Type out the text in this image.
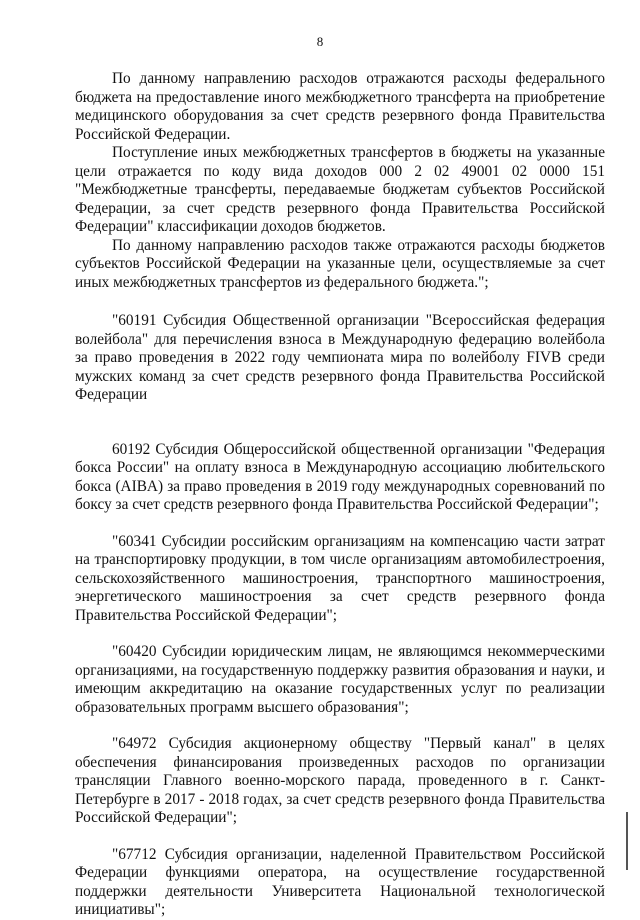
8

По данному направлению расходов отражаются расходы федерального бюджета на предоставление иного межбюджетного трансферта на приобретение медицинского оборудования за счет средств резервного фонда Правительства Российской Федерации.

Поступление иных межбюджетных трансфертов в бюджеты на указанные цели отражается по коду вида доходов 000 2 02 49001 02 0000 151 "Межбюджетные трансферты, передаваемые бюджетам субъектов Российской Федерации, за счет средств резервного фонда Правительства Российской Федерации" классификации доходов бюджетов.

По данному направлению расходов также отражаются расходы бюджетов субъектов Российской Федерации на указанные цели, осуществляемые за счет иных межбюджетных трансфертов из федерального бюджета.";

"60191 Субсидия Общественной организации "Всероссийская федерация волейбола" для перечисления взноса в Международную федерацию волейбола за право проведения в 2022 году чемпионата мира по волейболу FIVB среди мужских команд за счет средств резервного фонда Правительства Российской Федерации

60192 Субсидия Общероссийской общественной организации "Федерация бокса России" на оплату взноса в Международную ассоциацию любительского бокса (AIBA) за право проведения в 2019 году международных соревнований по боксу за счет средств резервного фонда Правительства Российской Федерации";

"60341 Субсидии российским организациям на компенсацию части затрат на транспортировку продукции, в том числе организациям автомобилестроения, сельскохозяйственного машиностроения, транспортного машиностроения, энергетического машиностроения за счет средств резервного фонда Правительства Российской Федерации";

"60420 Субсидии юридическим лицам, не являющимся некоммерческими организациями, на государственную поддержку развития образования и науки, и имеющим аккредитацию на оказание государственных услуг по реализации образовательных программ высшего образования";

"64972 Субсидия акционерному обществу "Первый канал" в целях обеспечения финансирования произведенных расходов по организации трансляции Главного военно-морского парада, проведенного в г. Санкт-Петербурге в 2017 - 2018 годах, за счет средств резервного фонда Правительства Российской Федерации";

"67712 Субсидия организации, наделенной Правительством Российской Федерации функциями оператора, на осуществление государственной поддержки деятельности Университета Национальной технологической инициативы";
